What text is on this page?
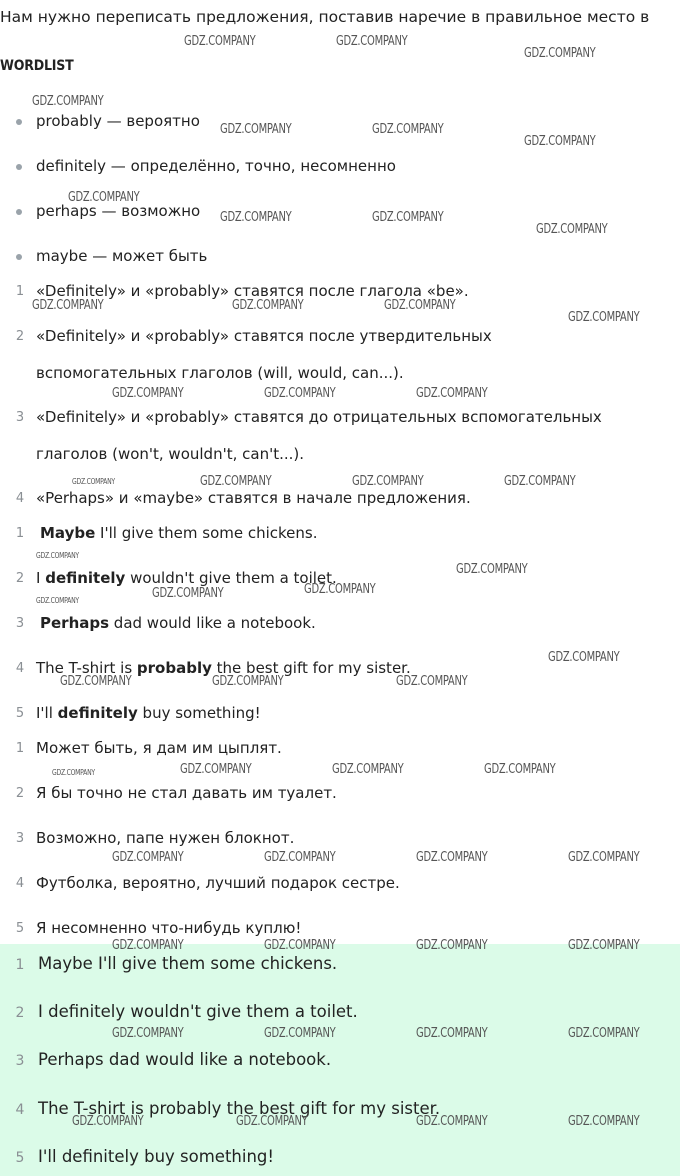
Нам нужно переписать предложения, поставив наречие в правильное место в
WORDLIST
probably — вероятно
definitely — определённо, точно, несомненно
perhaps — возможно
maybe — может быть
1 «Definitely» и «probably» ставятся после глагола «be».
2 «Definitely» и «probably» ставятся после утвердительных
вспомогательных глаголов (will, would, can...).
3 «Definitely» и «probably» ставятся до отрицательных вспомогательных
глаголов (won't, wouldn't, can't...).
4 «Perhaps» и «maybe» ставятся в начале предложения.
1 Maybe I'll give them some chickens.
2 I definitely wouldn't give them a toilet.
3 Perhaps dad would like a notebook.
4 The T-shirt is probably the best gift for my sister.
5 I'll definitely buy something!
1 Может быть, я дам им цыплят.
2 Я бы точно не стал давать им туалет.
3 Возможно, папе нужен блокнот.
4 Футболка, вероятно, лучший подарок сестре.
5 Я несомненно что-нибудь куплю!
1 Maybe I'll give them some chickens.
2 I definitely wouldn't give them a toilet.
3 Perhaps dad would like a notebook.
4 The T-shirt is probably the best gift for my sister.
5 I'll definitely buy something!
GDZ.COMPANY	GDZ.COMPANY
GDZ.COMPANY
GDZ.COMPANY
GDZ.COMPANY	GDZ.COMPANY
GDZ.COMPANY
GDZ.COMPANY
GDZ.COMPANY	GDZ.COMPANY
GDZ.COMPANY
GDZ.COMPANY	GDZ.COMPANY	GDZ.COMPANY
GDZ.COMPANY
GDZ.COMPANY	GDZ.COMPANY	GDZ.COMPANY
GDZ.COMPANY	GDZ.COMPANY	GDZ.COMPANY	GDZ.COMPANY
GDZ.COMPANY
GDZ.COMPANY
GDZ.COMPANY
GDZ.COMPANY	GDZ.COMPANY
GDZ.COMPANY
GDZ.COMPANY	GDZ.COMPANY	GDZ.COMPANY
GDZ.COMPANY	GDZ.COMPANY	GDZ.COMPANY	GDZ.COMPANY
GDZ.COMPANY	GDZ.COMPANY	GDZ.COMPANY	GDZ.COMPANY
GDZ.COMPANY	GDZ.COMPANY	GDZ.COMPANY	GDZ.COMPANY
GDZ.COMPANY	GDZ.COMPANY	GDZ.COMPANY	GDZ.COMPANY
GDZ.COMPANY	GDZ.COMPANY	GDZ.COMPANY	GDZ.COMPANY
